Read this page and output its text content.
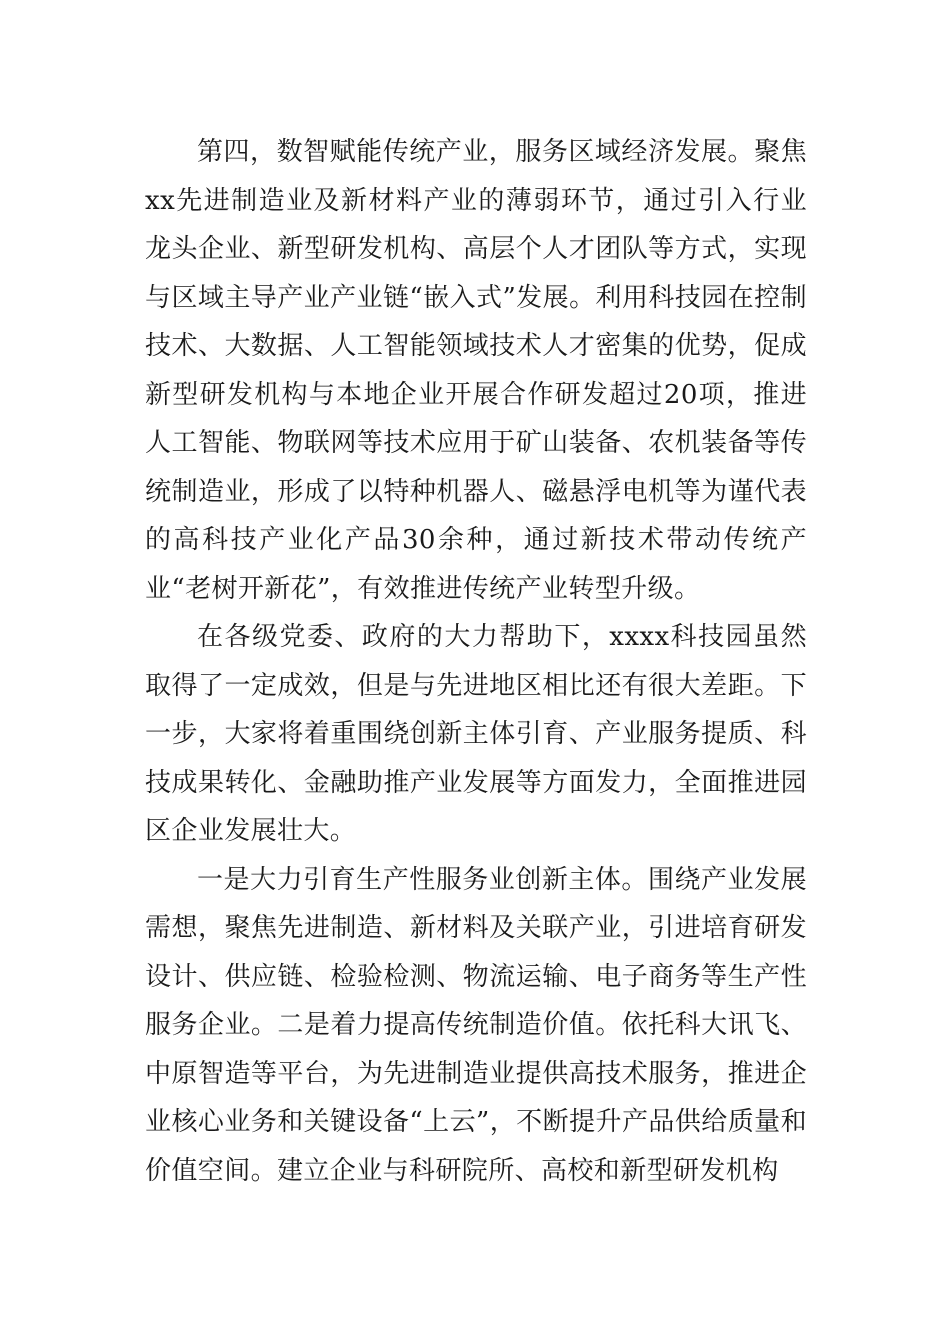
第四，数智赋能传统产业，服务区域经济发展。聚焦xx先进制造业及新材料产业的薄弱环节，通过引入行业龙头企业、新型研发机构、高层个人才团队等方式，实现与区域主导产业产业链“嵌入式”发展。利用科技园在控制技术、大数据、人工智能领域技术人才密集的优势，促成新型研发机构与本地企业开展合作研发超过20项，推进人工智能、物联网等技术应用于矿山装备、农机装备等传统制造业，形成了以特种机器人、磁悬浮电机等为谨代表的高科技产业化产品30余种，通过新技术带动传统产业“老树开新花”，有效推进传统产业转型升级。

在各级党委、政府的大力帮助下，xxxx科技园虽然取得了一定成效，但是与先进地区相比还有很大差距。下一步，大家将着重围绕创新主体引育、产业服务提质、科技成果转化、金融助推产业发展等方面发力，全面推进园区企业发展壮大。

一是大力引育生产性服务业创新主体。围绕产业发展需想，聚焦先进制造、新材料及关联产业，引进培育研发设计、供应链、检验检测、物流运输、电子商务等生产性服务企业。二是着力提高传统制造价值。依托科大讯飞、中原智造等平台，为先进制造业提供高技术服务，推进企业核心业务和关键设备“上云”，不断提升产品供给质量和价值空间。建立企业与科研院所、高校和新型研发机构
